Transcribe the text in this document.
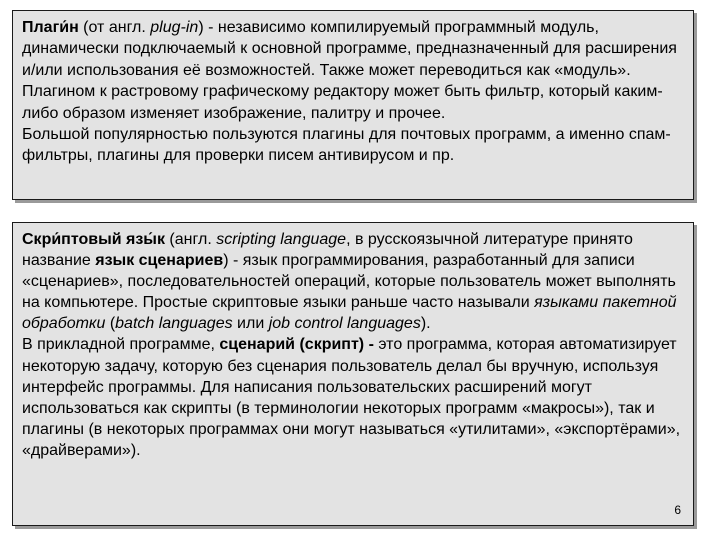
Плаги́н (от англ. plug-in) - независимо компилируемый программный модуль, динамически подключаемый к основной программе, предназначенный для расширения и/или использования её возможностей. Также может переводиться как «модуль».

Плагином к растровому графическому редактору может быть фильтр, который каким-либо образом изменяет изображение, палитру и прочее.

Большой популярностью пользуются плагины для почтовых программ, а именно спам-фильтры, плагины для проверки писем антивирусом и пр.

Скри́птовый язы́к (англ. scripting language, в русскоязычной литературе принято название язык сценариев) - язык программирования, разработанный для записи «сценариев», последовательностей операций, которые пользователь может выполнять на компьютере. Простые скриптовые языки раньше часто называли языками пакетной обработки (batch languages или job control languages).

В прикладной программе, сценарий (скрипт) - это программа, которая автоматизирует некоторую задачу, которую без сценария пользователь делал бы вручную, используя интерфейс программы. Для написания пользовательских расширений могут использоваться как скрипты (в терминологии некоторых программ «макросы»), так и плагины (в некоторых программах они могут называться «утилитами», «экспортёрами», «драйверами»).

6
